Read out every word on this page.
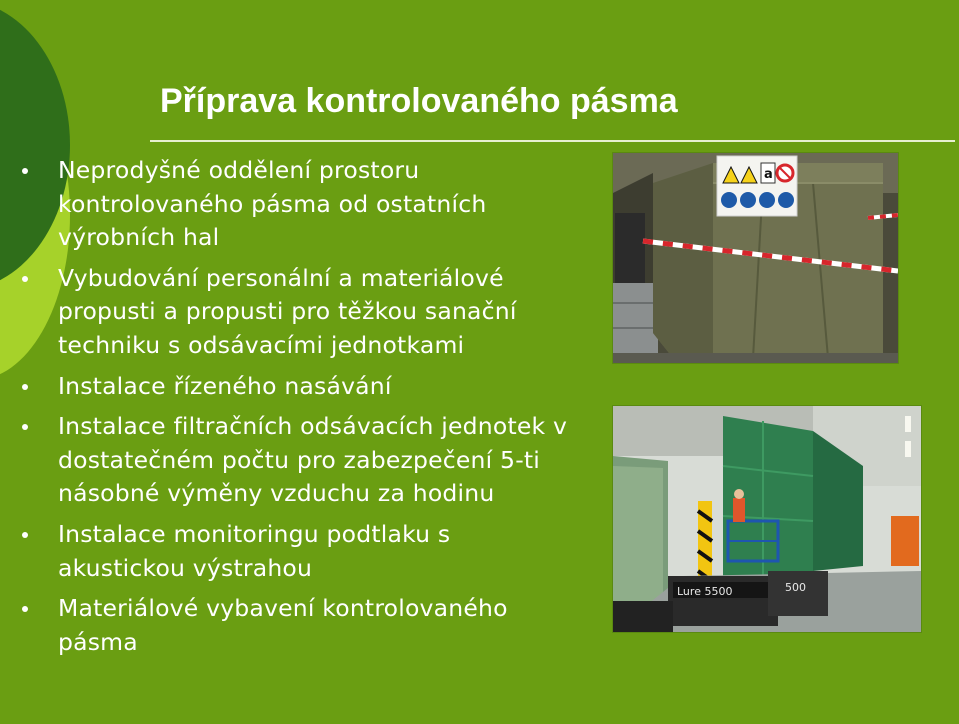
Příprava kontrolovaného pásma
Neprodyšné oddělení prostoru kontrolovaného pásma od ostatních výrobních hal
Vybudování personální a materiálové propusti a propusti pro těžkou sanační techniku s odsávacími jednotkami
Instalace řízeného nasávání
Instalace filtračních odsávacích jednotek v dostatečném počtu pro zabezpečení 5-ti násobné výměny vzduchu za hodinu
Instalace monitoringu podtlaku s akustickou výstrahou
Materiálové vybavení kontrolovaného pásma
a
Lure 5500	500
